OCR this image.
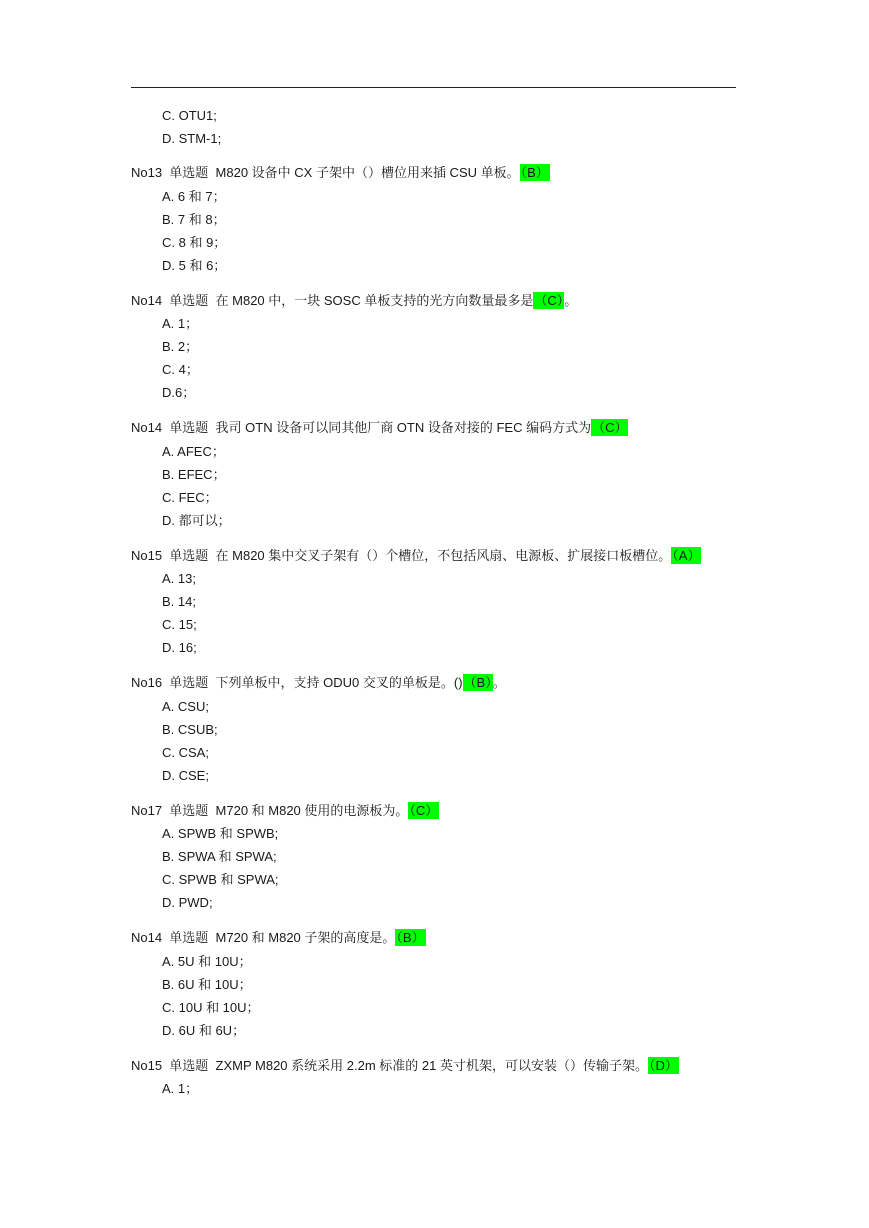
C. OTU1;
D. STM-1;
No13  单选题  M820 设备中 CX 子架中（）槽位用来插 CSU 单板。（B）
A. 6 和 7；
B. 7 和 8；
C. 8 和 9；
D. 5 和 6；
No14  单选题  在 M820 中，一块 SOSC 单板支持的光方向数量最多是（C）。
A. 1；
B. 2；
C. 4；
D.6；
No14  单选题  我司 OTN 设备可以同其他厂商 OTN 设备对接的 FEC 编码方式为（C）
A. AFEC；
B. EFEC；
C. FEC；
D. 都可以；
No15  单选题  在 M820 集中交叉子架有（）个槽位，不包括风扇、电源板、扩展接口板槽位。（A）
A. 13;
B. 14;
C. 15;
D. 16;
No16  单选题  下列单板中，支持 ODU0 交叉的单板是。()（B）。
A. CSU;
B. CSUB;
C. CSA;
D. CSE;
No17  单选题  M720 和 M820 使用的电源板为。（C）
A. SPWB 和 SPWB;
B. SPWA 和 SPWA;
C. SPWB 和 SPWA;
D. PWD;
No14  单选题  M720 和 M820 子架的高度是。（B）
A. 5U 和 10U；
B. 6U 和 10U；
C. 10U 和 10U；
D. 6U 和 6U；
No15  单选题  ZXMP M820 系统采用 2.2m 标准的 21 英寸机架，可以安装（）传输子架。（D）
A. 1；
